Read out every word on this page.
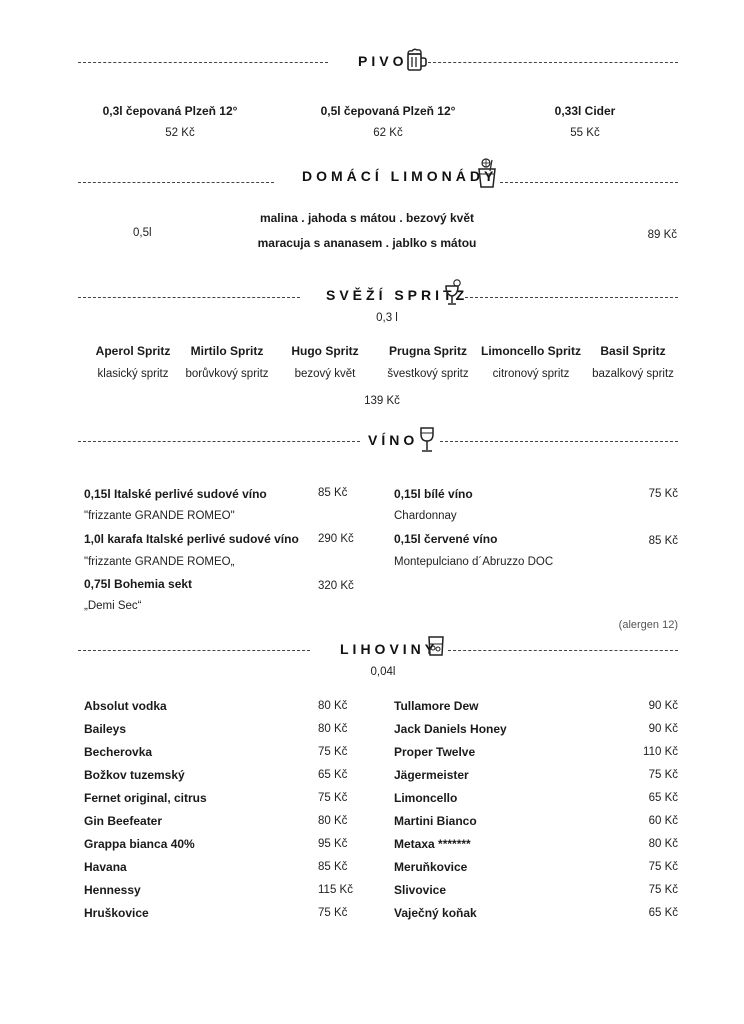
PIVO
0,3l čepovaná Plzeň 12°
52 Kč
0,5l čepovaná Plzeň 12°
62 Kč
0,33l Cider
55 Kč
DOMÁCÍ LIMONÁDY
0,5l
malina . jahoda s mátou . bezový květ
maracuja s ananasem . jablko s mátou
89 Kč
SVĚŽÍ SPRITZ
0,3 l
Aperol Spritz
klasický spritz
Mirtilo Spritz
borůvkový spritz
Hugo Spritz
bezový květ
Prugna Spritz
švestkový spritz
Limoncello Spritz
citronový spritz
Basil Spritz
bazalkový spritz
139 Kč
VÍNO
0,15l Italské perlivé sudové víno
"frizzante GRANDE ROMEO"
85 Kč
1,0l karafa Italské perlivé sudové víno
"frizzante GRANDE ROMEO„
290 Kč
0,75l Bohemia sekt
„Demi Sec“
320 Kč
0,15l bílé víno
Chardonnay
75 Kč
0,15l červené víno
Montepulciano d´Abruzzo DOC
85 Kč
(alergen 12)
LIHOVINY
0,04l
Absolut vodka	80 Kč
Baileys	80 Kč
Becherovka	75 Kč
Božkov tuzemský	65 Kč
Fernet original, citrus	75 Kč
Gin Beefeater	80 Kč
Grappa bianca 40%	95 Kč
Havana	85 Kč
Hennessy	115 Kč
Hruškovice	75 Kč
Tullamore Dew	90 Kč
Jack Daniels Honey	90 Kč
Proper Twelve	110 Kč
Jägermeister	75 Kč
Limoncello	65 Kč
Martini Bianco	60 Kč
Metaxa *******	80 Kč
Meruňkovice	75 Kč
Slivovice	75 Kč
Vaječný koňak	65 Kč
